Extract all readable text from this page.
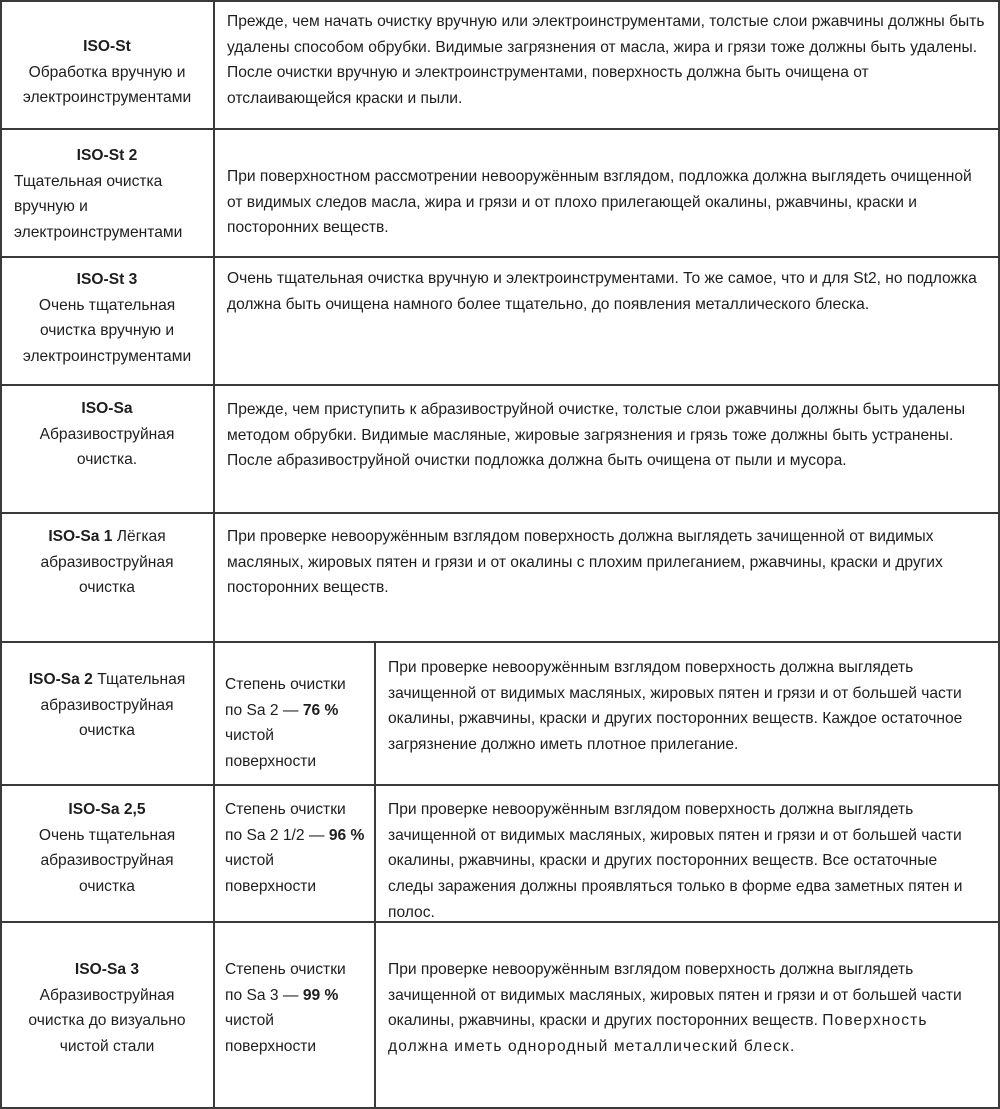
ISO-St
Обработка вручную и электроинструментами
Прежде, чем начать очистку вручную или электроинструментами, толстые слои ржавчины должны быть удалены способом обрубки. Видимые загрязнения от масла, жира и грязи тоже должны быть удалены. После очистки вручную и электроинструментами, поверхность должна быть очищена от отслаивающейся краски и пыли.
ISO-St 2
Тщательная очистка вручную и электроинструментами
При поверхностном рассмотрении невооружённым взглядом, подложка должна выглядеть очищенной от видимых следов масла, жира и грязи и от плохо прилегающей окалины, ржавчины, краски и посторонних веществ.
ISO-St 3
Очень тщательная очистка вручную и электроинструментами
Очень тщательная очистка вручную и электроинструментами. То же самое, что и для St2, но подложка должна быть очищена намного более тщательно, до появления металлического блеска.
ISO-Sa
Абразивоструйная очистка.
Прежде, чем приступить к абразивоструйной очистке, толстые слои ржавчины должны быть удалены методом обрубки. Видимые масляные, жировые загрязнения и грязь тоже должны быть устранены. После абразивоструйной очистки подложка должна быть очищена от пыли и мусора.
ISO-Sa 1 Лёгкая абразивоструйная очистка
При проверке невооружённым взглядом поверхность должна выглядеть зачищенной от видимых масляных, жировых пятен и грязи и от окалины с плохим прилеганием, ржавчины, краски и других посторонних веществ.
ISO-Sa 2 Тщательная абразивоструйная очистка
Степень очистки по Sa 2 — 76 % чистой поверхности
При проверке невооружённым взглядом поверхность должна выглядеть зачищенной от видимых масляных, жировых пятен и грязи и от большей части окалины, ржавчины, краски и других посторонних веществ. Каждое остаточное загрязнение должно иметь плотное прилегание.
ISO-Sa 2,5
Очень тщательная абразивоструйная очистка
Степень очистки по Sa 2 1/2 — 96 % чистой поверхности
При проверке невооружённым взглядом поверхность должна выглядеть зачищенной от видимых масляных, жировых пятен и грязи и от большей части окалины, ржавчины, краски и других посторонних веществ. Все остаточные следы заражения должны проявляться только в форме едва заметных пятен и полос.
ISO-Sa 3
Абразивоструйная очистка до визуально чистой стали
Степень очистки по Sa 3 — 99 % чистой поверхности
При проверке невооружённым взглядом поверхность должна выглядеть зачищенной от видимых масляных, жировых пятен и грязи и от большей части окалины, ржавчины, краски и других посторонних веществ. Поверхность должна иметь однородный металлический блеск.
